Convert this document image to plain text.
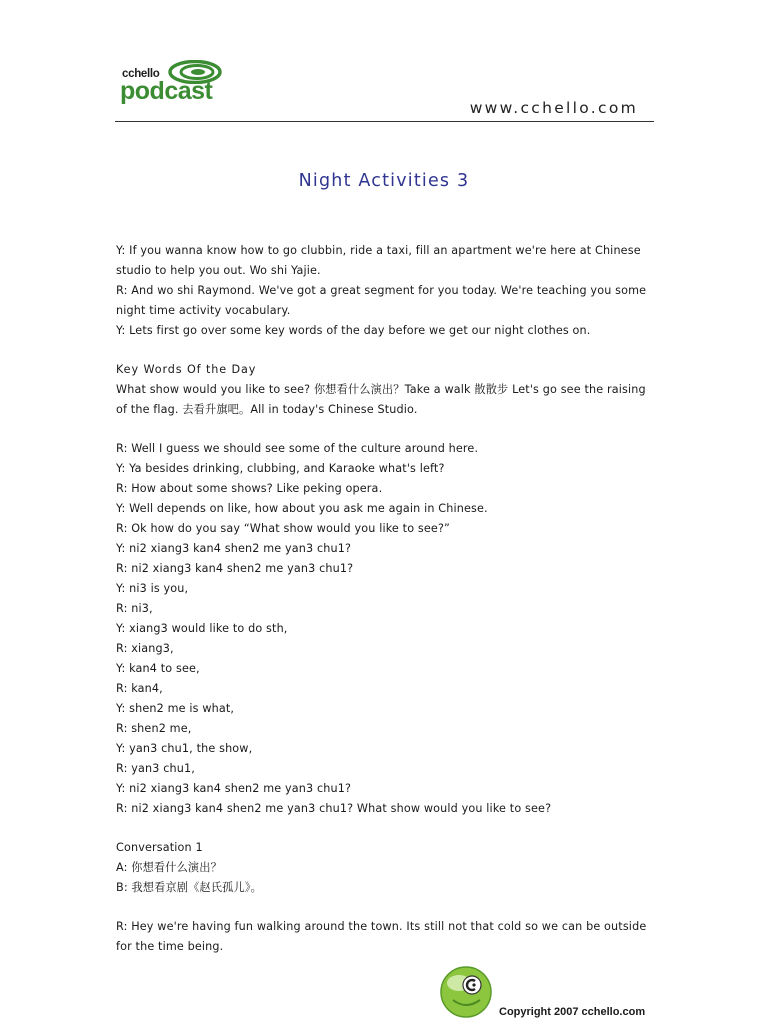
cchello
podcast
www.cchello.com
Night Activities 3
Y: If you wanna know how to go clubbin, ride a taxi, fill an apartment we're here at Chinese
studio to help you out. Wo shi Yajie.
R: And wo shi Raymond. We've got a great segment for you today. We're teaching you some
night time activity vocabulary.
Y: Lets first go over some key words of the day before we get our night clothes on.
Key Words Of the Day
What show would you like to see? 你想看什么演出？Take a walk 散散步 Let's go see the raising
of the flag. 去看升旗吧。All in today's Chinese Studio.
R: Well I guess we should see some of the culture around here.
Y: Ya besides drinking, clubbing, and Karaoke what's left?
R: How about some shows? Like peking opera.
Y: Well depends on like, how about you ask me again in Chinese.
R: Ok how do you say “What show would you like to see?”
Y: ni2 xiang3 kan4 shen2 me yan3 chu1?
R: ni2 xiang3 kan4 shen2 me yan3 chu1?
Y: ni3 is you,
R: ni3,
Y: xiang3 would like to do sth,
R: xiang3,
Y: kan4 to see,
R: kan4,
Y: shen2 me is what,
R: shen2 me,
Y: yan3 chu1, the show,
R: yan3 chu1,
Y: ni2 xiang3 kan4 shen2 me yan3 chu1?
R: ni2 xiang3 kan4 shen2 me yan3 chu1? What show would you like to see?
Conversation 1
A: 你想看什么演出？
B: 我想看京剧《赵氏孤儿》。
R: Hey we're having fun walking around the town. Its still not that cold so we can be outside
for the time being.
Copyright 2007 cchello.com
